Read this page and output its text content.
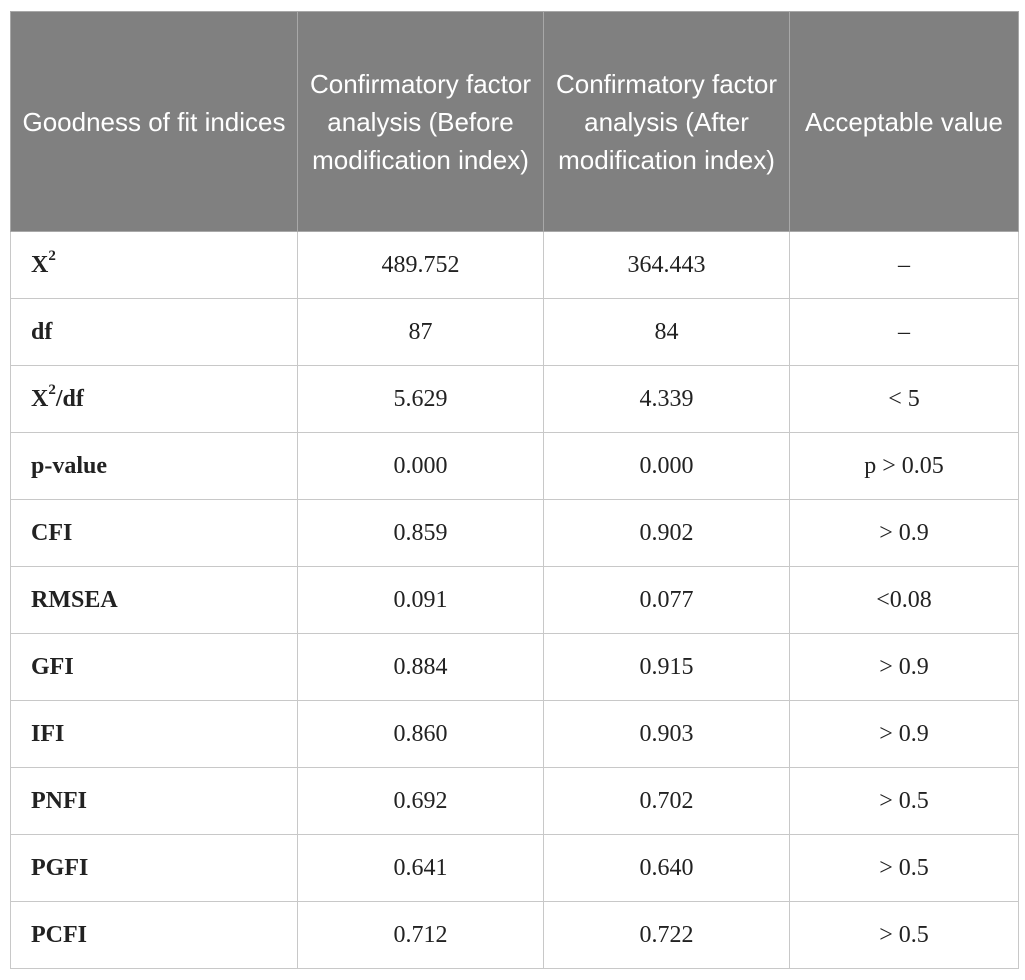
Goodness of fit indices	Confirmatory factor analysis (Before modification index)	Confirmatory factor analysis (After modification index)	Acceptable value
$X^2$	489.752	364.443	–
df	87	84	–
$X^2/df$	5.629	4.339	< 5
p-value	0.000	0.000	p > 0.05
CFI	0.859	0.902	> 0.9
RMSEA	0.091	0.077	<0.08
GFI	0.884	0.915	> 0.9
IFI	0.860	0.903	> 0.9
PNFI	0.692	0.702	> 0.5
PGFI	0.641	0.640	> 0.5
PCFI	0.712	0.722	> 0.5
